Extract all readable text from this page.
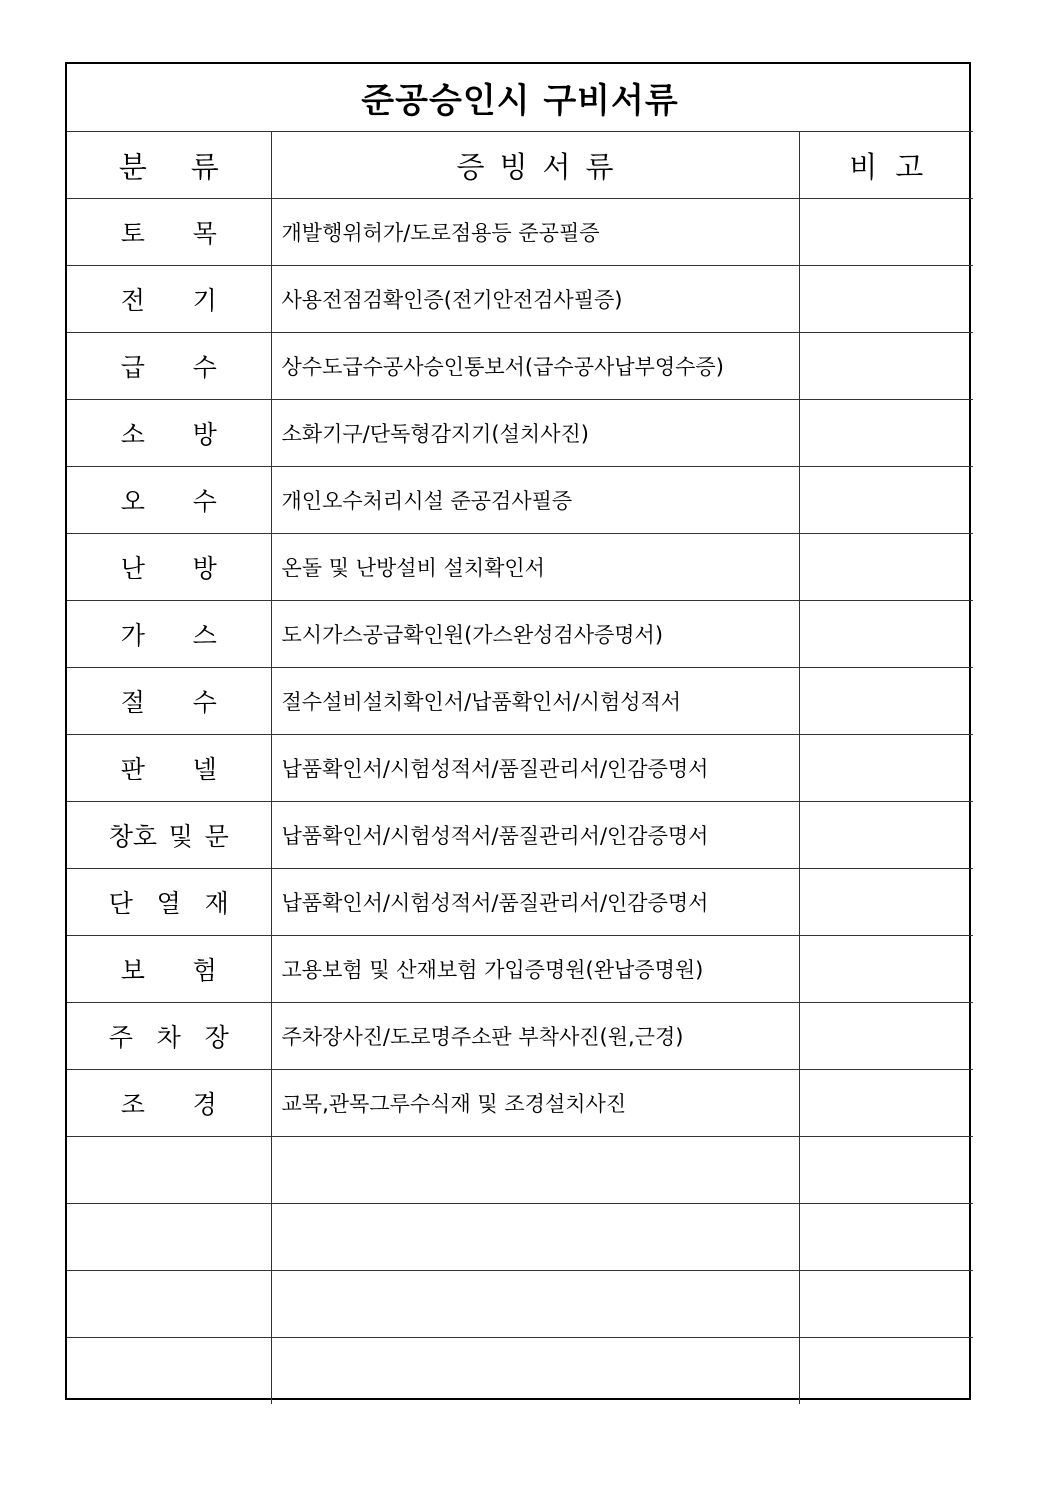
준공승인시 구비서류		

분 류	증빙서류	비고

토 목	개발행위허가/도로점용등 준공필증	

전 기	사용전점검확인증(전기안전검사필증)	

급 수	상수도급수공사승인통보서(급수공사납부영수증)	

소 방	소화기구/단독형감지기(설치사진)	

오 수	개인오수처리시설 준공검사필증	

난 방	온돌 및 난방설비 설치확인서	

가 스	도시가스공급확인원(가스완성검사증명서)	

절 수	절수설비설치확인서/납품확인서/시험성적서	

판 넬	납품확인서/시험성적서/품질관리서/인감증명서	

창호 및 문	납품확인서/시험성적서/품질관리서/인감증명서	

단 열 재	납품확인서/시험성적서/품질관리서/인감증명서	

보 험	고용보험 및 산재보험 가입증명원(완납증명원)	

주 차 장	주차장사진/도로명주소판 부착사진(원,근경)	

조 경	교목,관목그루수식재 및 조경설치사진	
